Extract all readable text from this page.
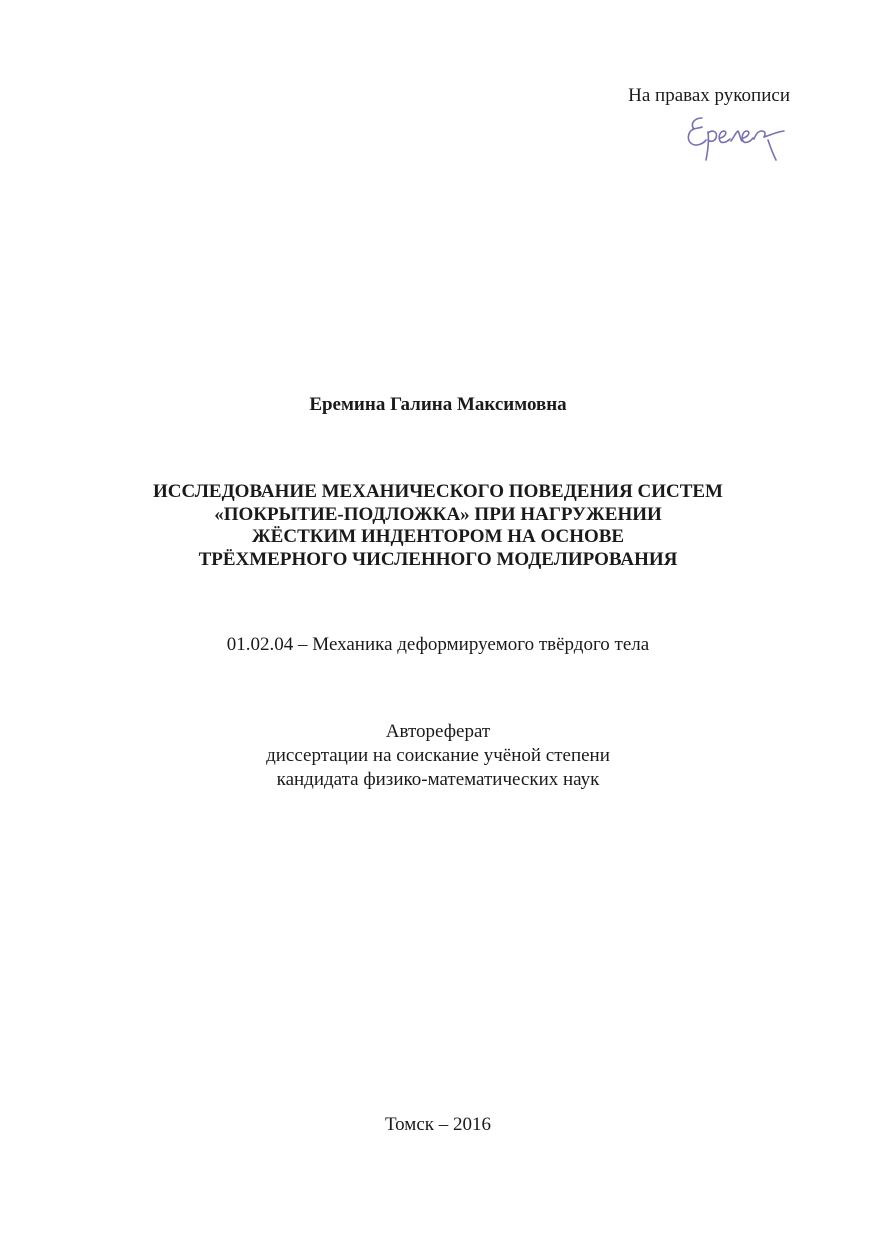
На правах рукописи
Еремина Галина Максимовна
ИССЛЕДОВАНИЕ МЕХАНИЧЕСКОГО ПОВЕДЕНИЯ СИСТЕМ
«ПОКРЫТИЕ-ПОДЛОЖКА» ПРИ НАГРУЖЕНИИ
ЖЁСТКИМ ИНДЕНТОРОМ НА ОСНОВЕ
ТРЁХМЕРНОГО ЧИСЛЕННОГО МОДЕЛИРОВАНИЯ
01.02.04 – Механика деформируемого твёрдого тела
Автореферат
диссертации на соискание учёной степени
кандидата физико-математических наук
Томск – 2016
